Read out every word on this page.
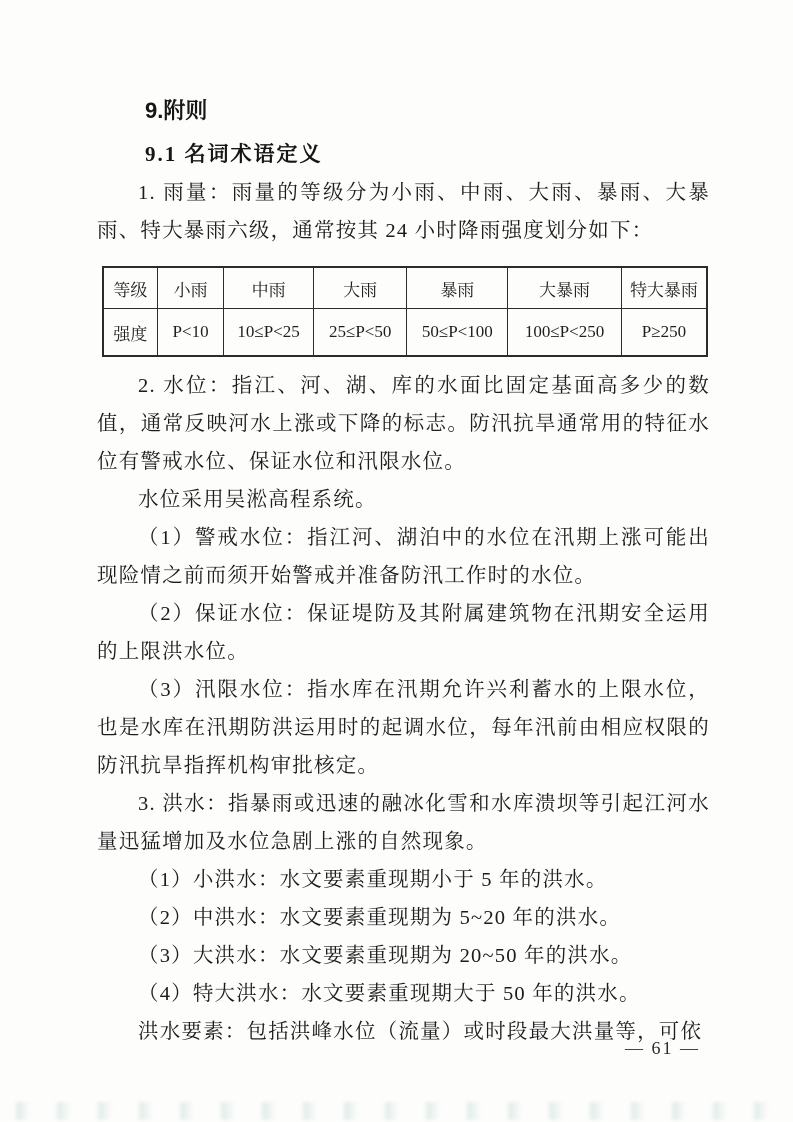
9.附则
9.1 名词术语定义

1. 雨量：雨量的等级分为小雨、中雨、大雨、暴雨、大暴雨、特大暴雨六级，通常按其 24 小时降雨强度划分如下：

等级	小雨	中雨	大雨	暴雨	大暴雨	特大暴雨
强度	P<10	10≤P<25	25≤P<50	50≤P<100	100≤P<250	P≥250

2. 水位：指江、河、湖、库的水面比固定基面高多少的数值，通常反映河水上涨或下降的标志。防汛抗旱通常用的特征水位有警戒水位、保证水位和汛限水位。

水位采用吴淞高程系统。

（1）警戒水位：指江河、湖泊中的水位在汛期上涨可能出现险情之前而须开始警戒并准备防汛工作时的水位。

（2）保证水位：保证堤防及其附属建筑物在汛期安全运用的上限洪水位。

（3）汛限水位：指水库在汛期允许兴利蓄水的上限水位，也是水库在汛期防洪运用时的起调水位，每年汛前由相应权限的防汛抗旱指挥机构审批核定。

3. 洪水：指暴雨或迅速的融冰化雪和水库溃坝等引起江河水量迅猛增加及水位急剧上涨的自然现象。

（1）小洪水：水文要素重现期小于 5 年的洪水。

（2）中洪水：水文要素重现期为 5~20 年的洪水。

（3）大洪水：水文要素重现期为 20~50 年的洪水。

（4）特大洪水：水文要素重现期大于 50 年的洪水。

洪水要素：包括洪峰水位（流量）或时段最大洪量等，可依

— 61 —
